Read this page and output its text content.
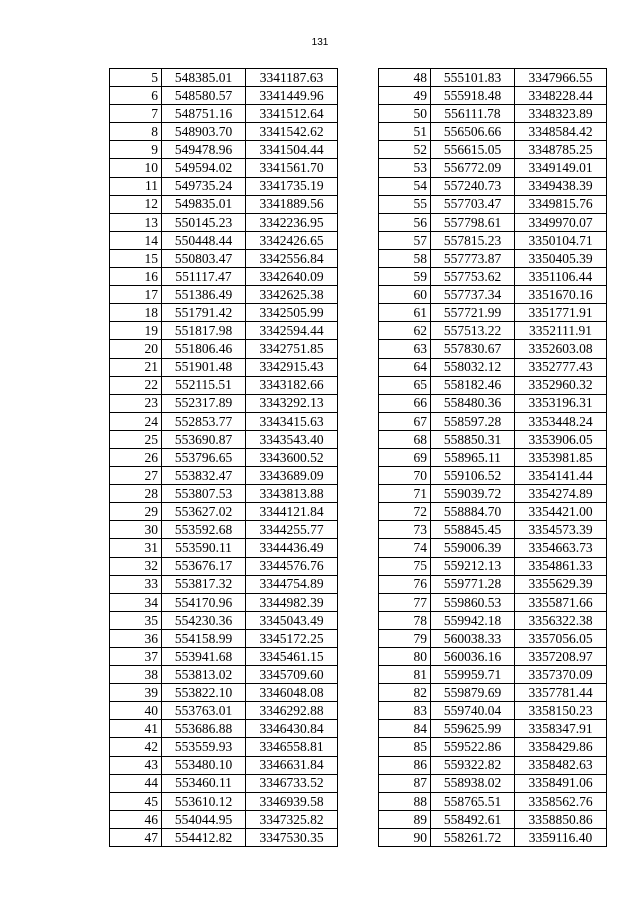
131
5	548385.01	3341187.63
6	548580.57	3341449.96
7	548751.16	3341512.64
8	548903.70	3341542.62
9	549478.96	3341504.44
10	549594.02	3341561.70
11	549735.24	3341735.19
12	549835.01	3341889.56
13	550145.23	3342236.95
14	550448.44	3342426.65
15	550803.47	3342556.84
16	551117.47	3342640.09
17	551386.49	3342625.38
18	551791.42	3342505.99
19	551817.98	3342594.44
20	551806.46	3342751.85
21	551901.48	3342915.43
22	552115.51	3343182.66
23	552317.89	3343292.13
24	552853.77	3343415.63
25	553690.87	3343543.40
26	553796.65	3343600.52
27	553832.47	3343689.09
28	553807.53	3343813.88
29	553627.02	3344121.84
30	553592.68	3344255.77
31	553590.11	3344436.49
32	553676.17	3344576.76
33	553817.32	3344754.89
34	554170.96	3344982.39
35	554230.36	3345043.49
36	554158.99	3345172.25
37	553941.68	3345461.15
38	553813.02	3345709.60
39	553822.10	3346048.08
40	553763.01	3346292.88
41	553686.88	3346430.84
42	553559.93	3346558.81
43	553480.10	3346631.84
44	553460.11	3346733.52
45	553610.12	3346939.58
46	554044.95	3347325.82
47	554412.82	3347530.35
48	555101.83	3347966.55
49	555918.48	3348228.44
50	556111.78	3348323.89
51	556506.66	3348584.42
52	556615.05	3348785.25
53	556772.09	3349149.01
54	557240.73	3349438.39
55	557703.47	3349815.76
56	557798.61	3349970.07
57	557815.23	3350104.71
58	557773.87	3350405.39
59	557753.62	3351106.44
60	557737.34	3351670.16
61	557721.99	3351771.91
62	557513.22	3352111.91
63	557830.67	3352603.08
64	558032.12	3352777.43
65	558182.46	3352960.32
66	558480.36	3353196.31
67	558597.28	3353448.24
68	558850.31	3353906.05
69	558965.11	3353981.85
70	559106.52	3354141.44
71	559039.72	3354274.89
72	558884.70	3354421.00
73	558845.45	3354573.39
74	559006.39	3354663.73
75	559212.13	3354861.33
76	559771.28	3355629.39
77	559860.53	3355871.66
78	559942.18	3356322.38
79	560038.33	3357056.05
80	560036.16	3357208.97
81	559959.71	3357370.09
82	559879.69	3357781.44
83	559740.04	3358150.23
84	559625.99	3358347.91
85	559522.86	3358429.86
86	559322.82	3358482.63
87	558938.02	3358491.06
88	558765.51	3358562.76
89	558492.61	3358850.86
90	558261.72	3359116.40
